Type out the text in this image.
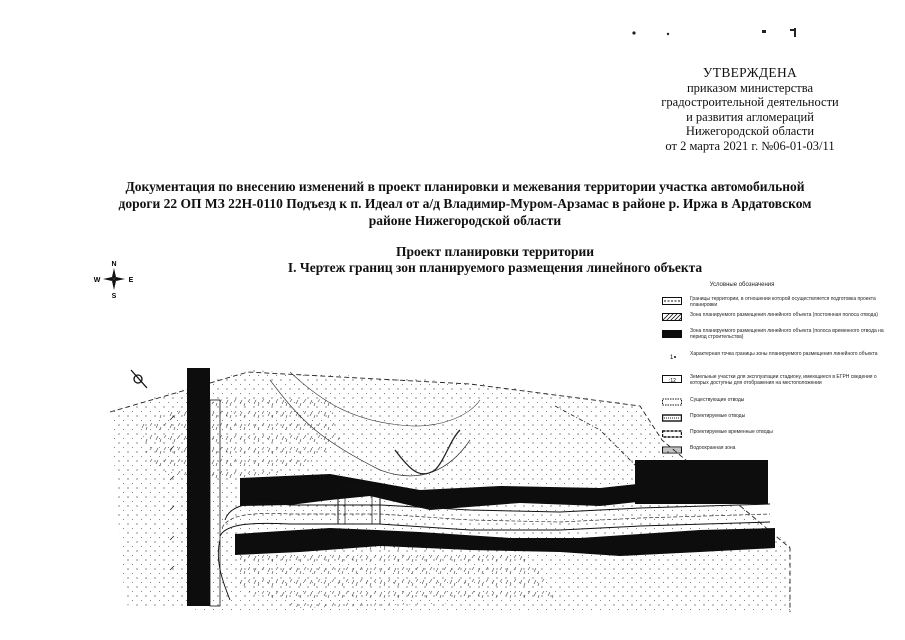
УТВЕРЖДЕНА
приказом министерства
градостроительной деятельности
и развития агломераций
Нижегородской области
от 2 марта 2021 г. №06-01-03/11
Документация по внесению изменений в проект планировки и межевания территории участка автомобильной
дороги 22 ОП МЗ 22Н-0110 Подъезд к п. Идеал от а/д Владимир-Муром-Арзамас в районе р. Иржа в Ардатовском
районе Нижегородской области
Проект планировки территории
I. Чертеж границ зон планируемого размещения линейного объекта
N
S
W	E
Условные обозначения
Границы территории, в отношении которой осуществляется подготовка проекта планировки
Зона планируемого размещения линейного объекта (постоянная полоса отвода)
Зона планируемого размещения линейного объекта (полоса временного отвода на период строительства)
1
Характерная точка границы зоны планируемого размещения линейного объекта
:12
Земельные участки для эксплуатации стадиону, имеющиеся в ЕГРН сведения о которых доступны для отображения на местоположении
Существующие отводы
Проектируемые отводы
Проектируемые временные отводы
Водоохранная зона
